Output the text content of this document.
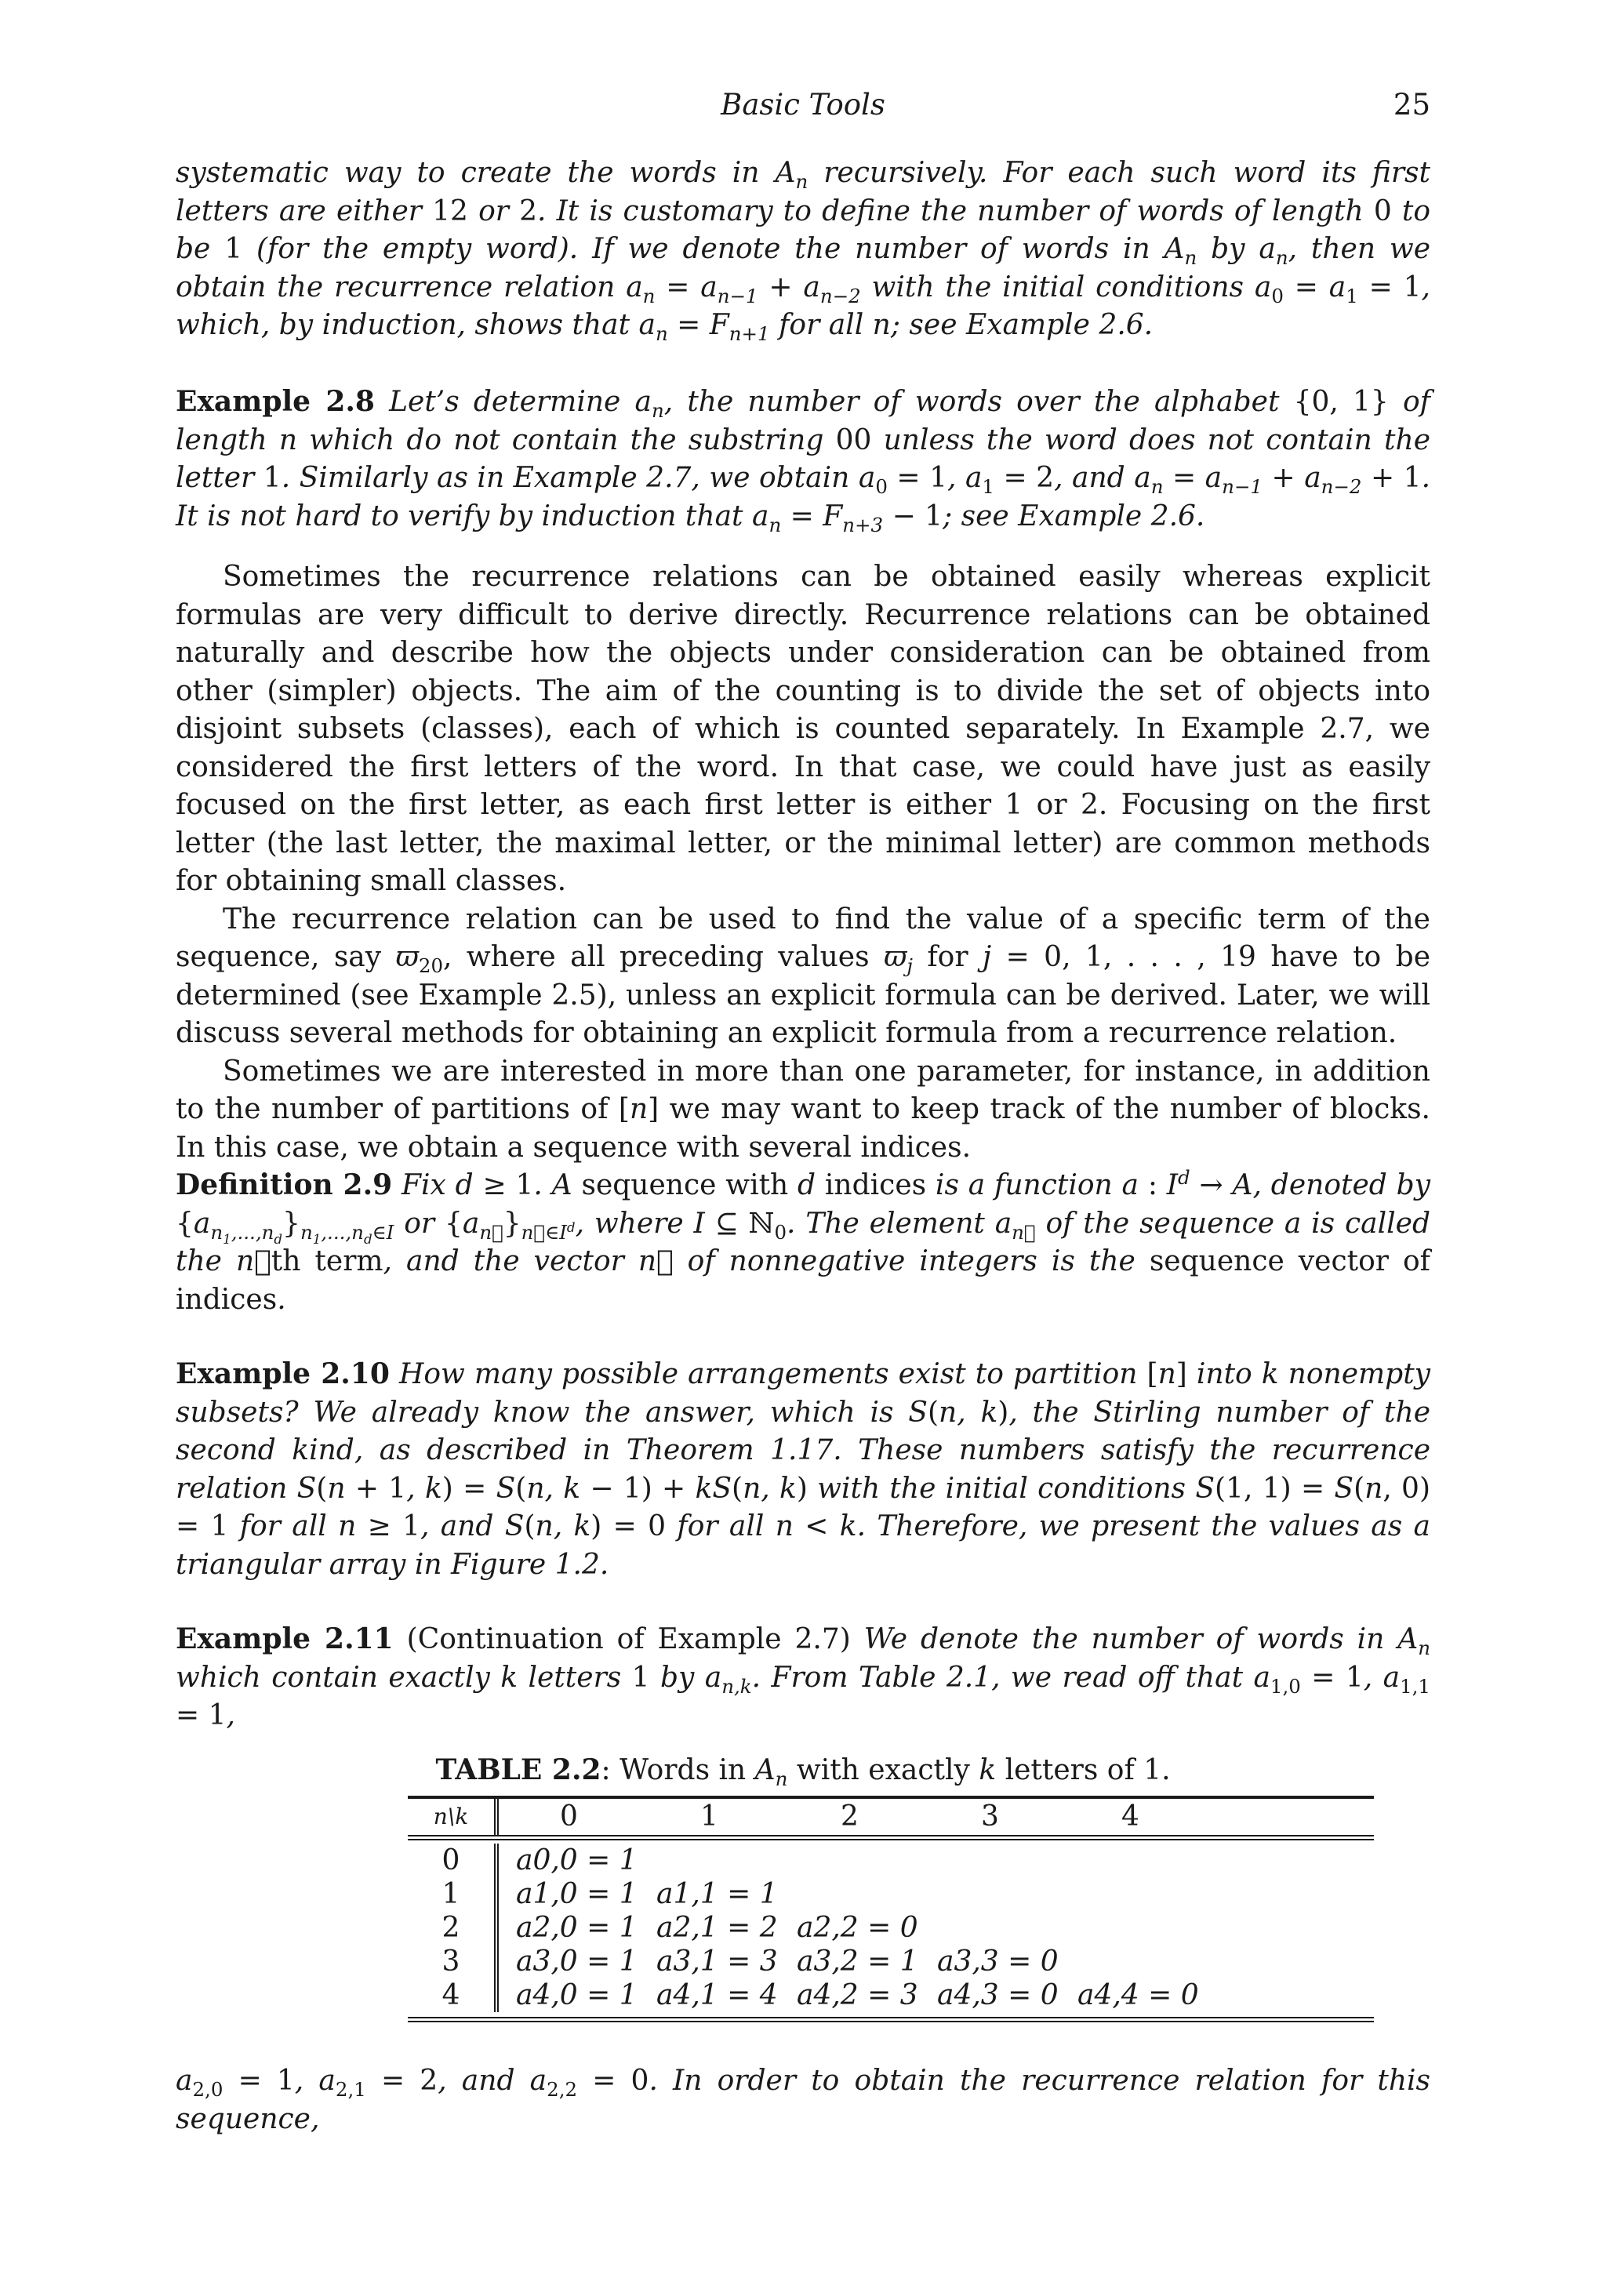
Basic Tools	25
systematic way to create the words in $A_n$ recursively. For each such word its first letters are either 12 or 2. It is customary to define the number of words of length 0 to be 1 (for the empty word). If we denote the number of words in $A_n$ by $a_n$, then we obtain the recurrence relation $a_n = a_{n-1} + a_{n-2}$ with the initial conditions $a_0 = a_1 = 1$, which, by induction, shows that $a_n = F_{n+1}$ for all n; see Example 2.6.
Example 2.8 Let’s determine $a_n$, the number of words over the alphabet {0, 1} of length n which do not contain the substring 00 unless the word does not contain the letter 1. Similarly as in Example 2.7, we obtain $a_0 = 1$, $a_1 = 2$, and $a_n = a_{n-1} + a_{n-2} + 1$. It is not hard to verify by induction that $a_n = F_{n+3} - 1$; see Example 2.6.

Sometimes the recurrence relations can be obtained easily whereas explicit formulas are very difficult to derive directly. Recurrence relations can be obtained naturally and describe how the objects under consideration can be obtained from other (simpler) objects. The aim of the counting is to divide the set of objects into disjoint subsets (classes), each of which is counted separately. In Example 2.7, we considered the first letters of the word. In that case, we could have just as easily focused on the first letter, as each first letter is either 1 or 2. Focusing on the first letter (the last letter, the maximal letter, or the minimal letter) are common methods for obtaining small classes.

The recurrence relation can be used to find the value of a specific term of the sequence, say $ϖ_{20}$, where all preceding values $ϖ_j$ for j = 0, 1, . . . , 19 have to be determined (see Example 2.5), unless an explicit formula can be derived. Later, we will discuss several methods for obtaining an explicit formula from a recurrence relation.

Sometimes we are interested in more than one parameter, for instance, in addition to the number of partitions of [n] we may want to keep track of the number of blocks. In this case, we obtain a sequence with several indices.

Definition 2.9 Fix d ≥ 1. A sequence with d indices is a function a : $I^d \to A$, denoted by $\{a_{n_1,...,n_d}\}_{n_1,...,n_d\in I}$ or $\{a_{n⃗}\}_{n⃗\in I^d}$, where I ⊆ ℕ$_0$. The element $a_{n⃗}$ of the sequence a is called the n⃗th term, and the vector n⃗ of nonnegative integers is the sequence vector of indices.
Example 2.10 How many possible arrangements exist to partition [n] into k nonempty subsets? We already know the answer, which is S(n, k), the Stirling number of the second kind, as described in Theorem 1.17. These numbers satisfy the recurrence relation S(n + 1, k) = S(n, k − 1) + kS(n, k) with the initial conditions S(1, 1) = S(n, 0) = 1 for all n ≥ 1, and S(n, k) = 0 for all n < k. Therefore, we present the values as a triangular array in Figure 1.2.
Example 2.11 (Continuation of Example 2.7) We denote the number of words in $A_n$ which contain exactly k letters 1 by $a_{n,k}$. From Table 2.1, we read off that $a_{1,0} = 1$, $a_{1,1} = 1$,
TABLE 2.2: Words in $A_n$ with exactly k letters of 1.
n\k	0	1	2	3	4
0	a0,0 = 1
1	a1,0 = 1 a1,1 = 1
2	a2,0 = 1 a2,1 = 2 a2,2 = 0
3	a3,0 = 1 a3,1 = 3 a3,2 = 1 a3,3 = 0
4	a4,0 = 1 a4,1 = 4 a4,2 = 3 a4,3 = 0 a4,4 = 0
$a_{2,0} = 1$, $a_{2,1} = 2$, and $a_{2,2} = 0$. In order to obtain the recurrence relation for this sequence,
